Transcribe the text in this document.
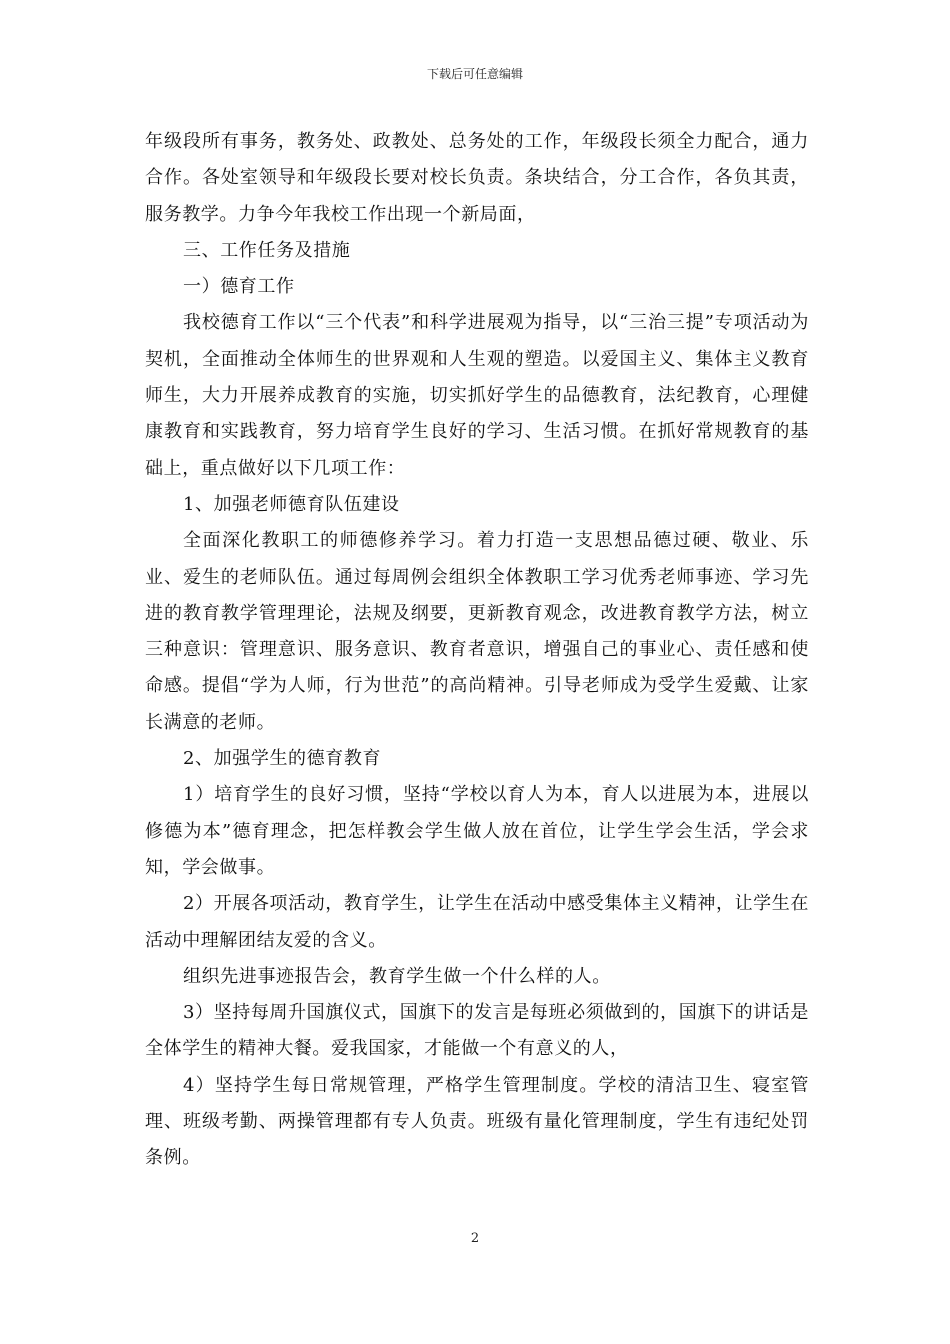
下载后可任意编辑

年级段所有事务，教务处、政教处、总务处的工作，年级段长须全力配合，通力合作。各处室领导和年级段长要对校长负责。条块结合，分工合作，各负其责，服务教学。力争今年我校工作出现一个新局面，

三、工作任务及措施

一）德育工作

我校德育工作以“三个代表”和科学进展观为指导，以“三治三提”专项活动为契机，全面推动全体师生的世界观和人生观的塑造。以爱国主义、集体主义教育师生，大力开展养成教育的实施，切实抓好学生的品德教育，法纪教育，心理健康教育和实践教育，努力培育学生良好的学习、生活习惯。在抓好常规教育的基础上，重点做好以下几项工作：

1、加强老师德育队伍建设

全面深化教职工的师德修养学习。着力打造一支思想品德过硬、敬业、乐业、爱生的老师队伍。通过每周例会组织全体教职工学习优秀老师事迹、学习先进的教育教学管理理论，法规及纲要，更新教育观念，改进教育教学方法，树立三种意识：管理意识、服务意识、教育者意识，增强自己的事业心、责任感和使命感。提倡“学为人师，行为世范”的高尚精神。引导老师成为受学生爱戴、让家长满意的老师。

2、加强学生的德育教育

1）培育学生的良好习惯，坚持“学校以育人为本，育人以进展为本，进展以修德为本”德育理念，把怎样教会学生做人放在首位，让学生学会生活，学会求知，学会做事。

2）开展各项活动，教育学生，让学生在活动中感受集体主义精神，让学生在活动中理解团结友爱的含义。

组织先进事迹报告会，教育学生做一个什么样的人。

3）坚持每周升国旗仪式，国旗下的发言是每班必须做到的，国旗下的讲话是全体学生的精神大餐。爱我国家，才能做一个有意义的人，

4）坚持学生每日常规管理，严格学生管理制度。学校的清洁卫生、寝室管理、班级考勤、两操管理都有专人负责。班级有量化管理制度，学生有违纪处罚条例。

2
